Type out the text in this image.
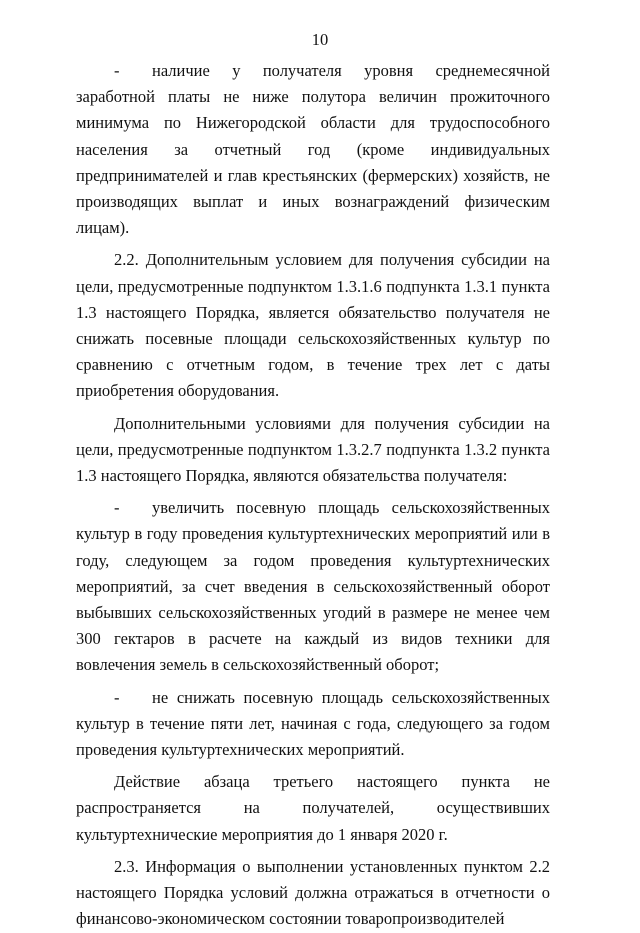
10

- наличие у получателя уровня среднемесячной заработной платы не ниже полутора величин прожиточного минимума по Нижегородской области для трудоспособного населения за отчетный год (кроме индивидуальных предпринимателей и глав крестьянских (фермерских) хозяйств, не производящих выплат и иных вознаграждений физическим лицам).

2.2. Дополнительным условием для получения субсидии на цели, предусмотренные подпунктом 1.3.1.6 подпункта 1.3.1 пункта 1.3 настоящего Порядка, является обязательство получателя не снижать посевные площади сельскохозяйственных культур по сравнению с отчетным годом, в течение трех лет с даты приобретения оборудования.

Дополнительными условиями для получения субсидии на цели, предусмотренные подпунктом 1.3.2.7 подпункта 1.3.2 пункта 1.3 настоящего Порядка, являются обязательства получателя:

- увеличить посевную площадь сельскохозяйственных культур в году проведения культуртехнических мероприятий или в году, следующем за годом проведения культуртехнических мероприятий, за счет введения в сельскохозяйственный оборот выбывших сельскохозяйственных угодий в размере не менее чем 300 гектаров в расчете на каждый из видов техники для вовлечения земель в сельскохозяйственный оборот;

- не снижать посевную площадь сельскохозяйственных культур в течение пяти лет, начиная с года, следующего за годом проведения культуртехнических мероприятий.

Действие абзаца третьего настоящего пункта не распространяется на получателей, осуществивших культуртехнические мероприятия до 1 января 2020 г.

2.3. Информация о выполнении установленных пунктом 2.2 настоящего Порядка условий должна отражаться в отчетности о финансово-экономическом состоянии товаропроизводителей
